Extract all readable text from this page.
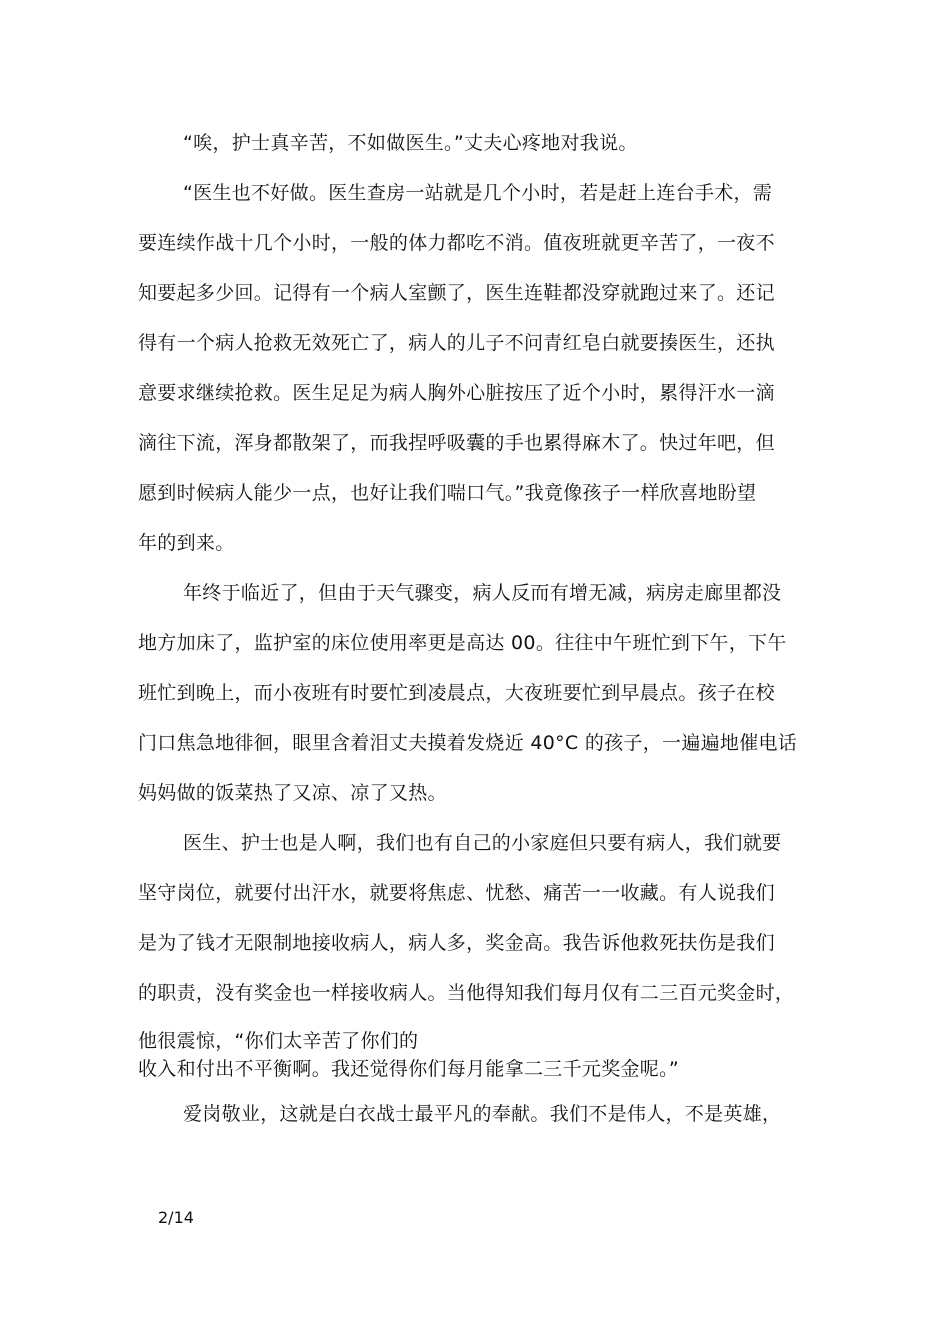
“唉，护士真辛苦，不如做医生。”丈夫心疼地对我说。
“医生也不好做。医生查房一站就是几个小时，若是赶上连台手术，需
要连续作战十几个小时，一般的体力都吃不消。值夜班就更辛苦了，一夜不
知要起多少回。记得有一个病人室颤了，医生连鞋都没穿就跑过来了。还记
得有一个病人抢救无效死亡了，病人的儿子不问青红皂白就要揍医生，还执
意要求继续抢救。医生足足为病人胸外心脏按压了近个小时，累得汗水一滴
滴往下流，浑身都散架了，而我捏呼吸囊的手也累得麻木了。快过年吧，但
愿到时候病人能少一点，也好让我们喘口气。”我竟像孩子一样欣喜地盼望
年的到来。
年终于临近了，但由于天气骤变，病人反而有增无减，病房走廊里都没
地方加床了，监护室的床位使用率更是高达 00。往往中午班忙到下午，下午
班忙到晚上，而小夜班有时要忙到凌晨点，大夜班要忙到早晨点。孩子在校
门口焦急地徘徊，眼里含着泪丈夫摸着发烧近 40°C 的孩子，一遍遍地催电话
妈妈做的饭菜热了又凉、凉了又热。
医生、护士也是人啊，我们也有自己的小家庭但只要有病人，我们就要
坚守岗位，就要付出汗水，就要将焦虑、忧愁、痛苦一一收藏。有人说我们
是为了钱才无限制地接收病人，病人多，奖金高。我告诉他救死扶伤是我们
的职责，没有奖金也一样接收病人。当他得知我们每月仅有二三百元奖金时，
他很震惊，“你们太辛苦了你们的
收入和付出不平衡啊。我还觉得你们每月能拿二三千元奖金呢。”
爱岗敬业，这就是白衣战士最平凡的奉献。我们不是伟人，不是英雄，
2/14
